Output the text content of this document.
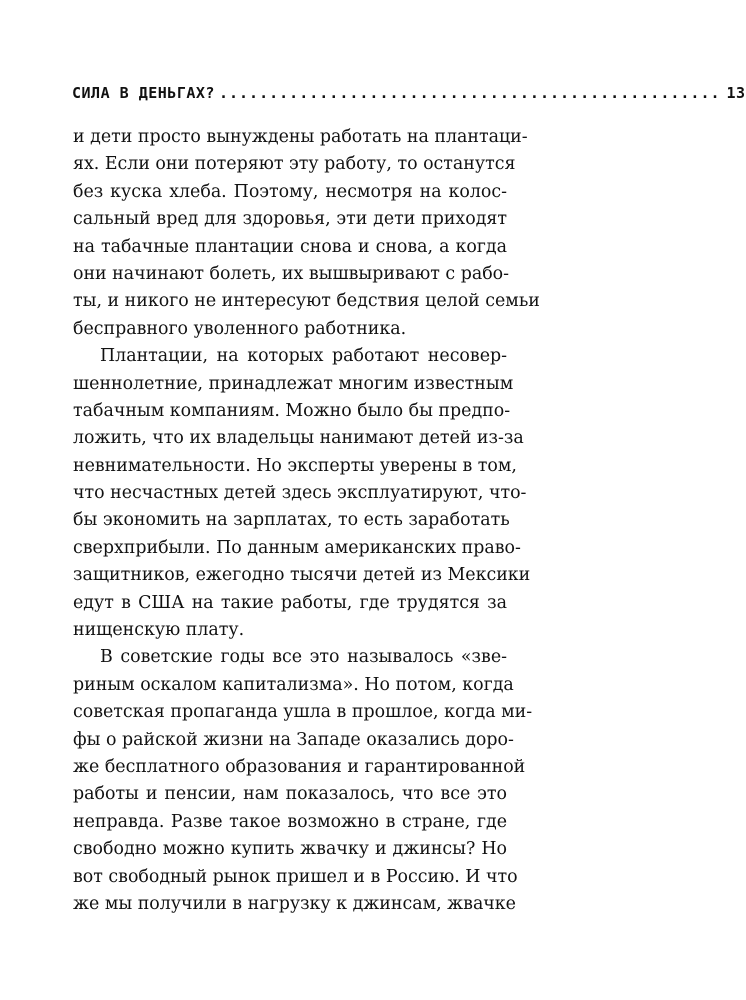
СИЛА В ДЕНЬГАХ? .................................................. 13

и дети просто вынуждены работать на плантаци-
ях. Если они потеряют эту работу, то останутся
без куска хлеба. Поэтому, несмотря на колос-
сальный вред для здоровья, эти дети приходят
на табачные плантации снова и снова, а когда
они начинают болеть, их вышвыривают с рабо-
ты, и никого не интересуют бедствия целой семьи
бесправного уволенного работника.

Плантации, на которых работают несовер-
шеннолетние, принадлежат многим известным
табачным компаниям. Можно было бы предпо-
ложить, что их владельцы нанимают детей из-за
невнимательности. Но эксперты уверены в том,
что несчастных детей здесь эксплуатируют, что-
бы экономить на зарплатах, то есть заработать
сверхприбыли. По данным американских право-
защитников, ежегодно тысячи детей из Мексики
едут в США на такие работы, где трудятся за
нищенскую плату.

В советские годы все это называлось «зве-
риным оскалом капитализма». Но потом, когда
советская пропаганда ушла в прошлое, когда ми-
фы о райской жизни на Западе оказались доро-
же бесплатного образования и гарантированной
работы и пенсии, нам показалось, что все это
неправда. Разве такое возможно в стране, где
свободно можно купить жвачку и джинсы? Но
вот свободный рынок пришел и в Россию. И что
же мы получили в нагрузку к джинсам, жвачке
